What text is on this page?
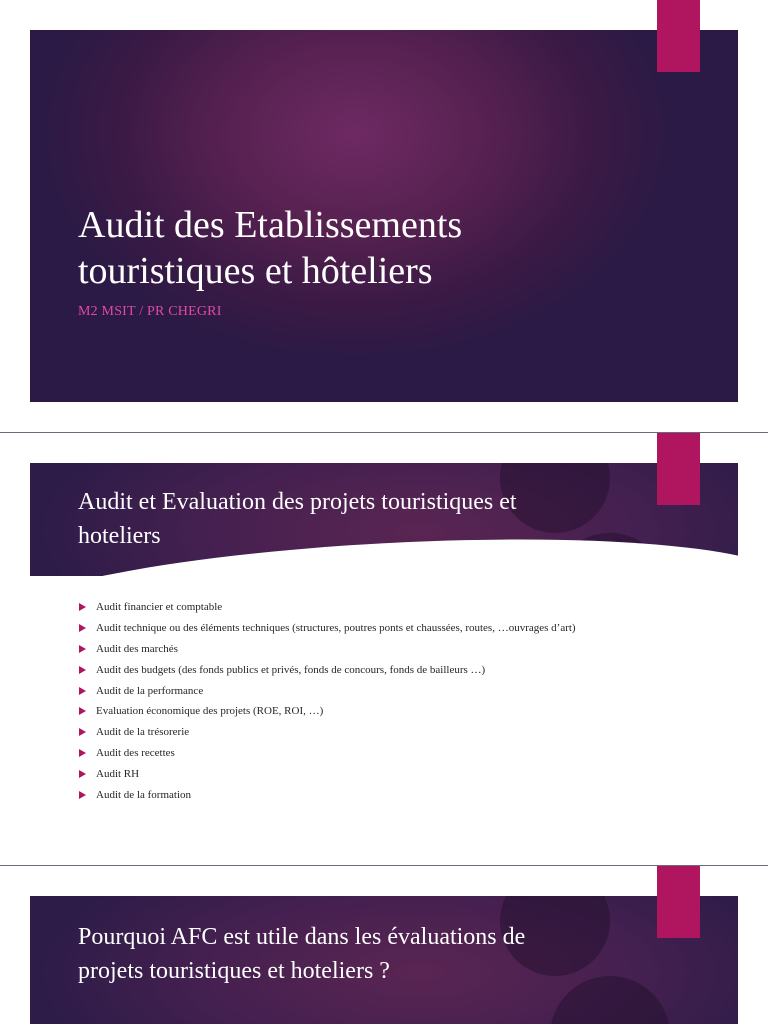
Audit des Etablissements
touristiques et hôteliers
M2 MSIT / PR CHEGRI
Audit et Evaluation des projets touristiques et
hoteliers
Audit financier et comptable
Audit technique ou des éléments techniques (structures, poutres ponts et chaussées, routes, …ouvrages d’art)
Audit des marchés
Audit des budgets (des fonds publics et privés, fonds de concours, fonds de bailleurs …)
Audit de la performance
Evaluation économique des projets (ROE, ROI, …)
Audit de la trésorerie
Audit des recettes
Audit RH
Audit de la formation
Pourquoi AFC est utile dans les évaluations de
projets touristiques et hoteliers ?
